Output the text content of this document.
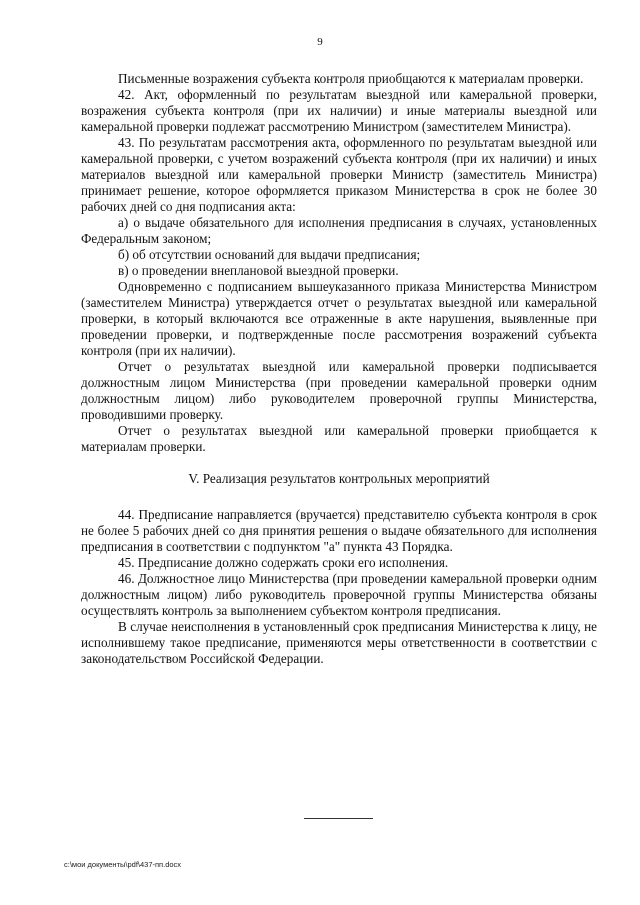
9

Письменные возражения субъекта контроля приобщаются к материалам проверки.

42. Акт, оформленный по результатам выездной или камеральной проверки, возражения субъекта контроля (при их наличии) и иные материалы выездной или камеральной проверки подлежат рассмотрению Министром (заместителем Министра).

43. По результатам рассмотрения акта, оформленного по результатам выездной или камеральной проверки, с учетом возражений субъекта контроля (при их наличии) и иных материалов выездной или камеральной проверки Министр (заместитель Министра) принимает решение, которое оформляется приказом Министерства в срок не более 30 рабочих дней со дня подписания акта:

а) о выдаче обязательного для исполнения предписания в случаях, установленных Федеральным законом;

б) об отсутствии оснований для выдачи предписания;

в) о проведении внеплановой выездной проверки.

Одновременно с подписанием вышеуказанного приказа Министерства Министром (заместителем Министра) утверждается отчет о результатах выездной или камеральной проверки, в который включаются все отраженные в акте нарушения, выявленные при проведении проверки, и подтвержденные после рассмотрения возражений субъекта контроля (при их наличии).

Отчет о результатах выездной или камеральной проверки подписывается должностным лицом Министерства (при проведении камеральной проверки одним должностным лицом) либо руководителем проверочной группы Министерства, проводившими проверку.

Отчет о результатах выездной или камеральной проверки приобщается к материалам проверки.

V. Реализация результатов контрольных мероприятий

44. Предписание направляется (вручается) представителю субъекта контроля в срок не более 5 рабочих дней со дня принятия решения о выдаче обязательного для исполнения предписания в соответствии с подпунктом "а" пункта 43 Порядка.

45. Предписание должно содержать сроки его исполнения.

46. Должностное лицо Министерства (при проведении камеральной проверки одним должностным лицом) либо руководитель проверочной группы Министерства обязаны осуществлять контроль за выполнением субъектом контроля предписания.

В случае неисполнения в установленный срок предписания Министерства к лицу, не исполнившему такое предписание, применяются меры ответственности в соответствии с законодательством Российской Федерации.

c:\мои документы\pdf\437-пп.docx
